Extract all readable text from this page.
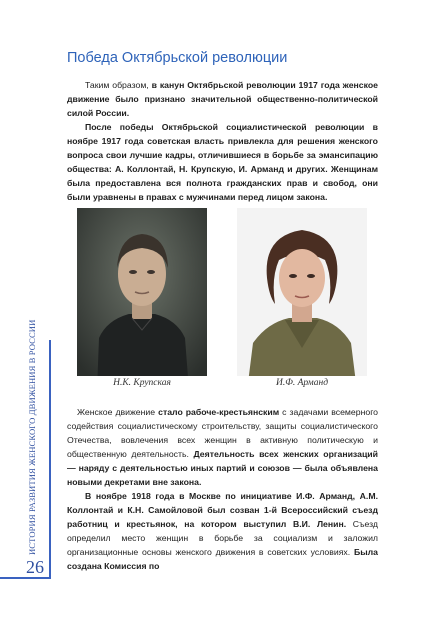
ИСТОРИЯ РАЗВИТИЯ ЖЕНСКОГО ДВИЖЕНИЯ В РОССИИ
26
Победа Октябрьской революции

Таким образом, в канун Октябрьской революции 1917 года женское движение было признано значительной общественно-политической силой России.

После победы Октябрьской социалистической революции в ноябре 1917 года советская власть привлекла для решения женского вопроса свои лучшие кадры, отличившиеся в борьбе за эмансипацию общества: А. Коллонтай, Н. Крупскую, И. Арманд и других. Женщинам была предоставлена вся полнота гражданских прав и свобод, они были уравнены в правах с мужчинами перед лицом закона.

Н.К. Крупская	И.Ф. Арманд

Женское движение стало рабоче-крестьянским с задачами всемерного содействия социалистическому строительству, защиты социалистического Отечества, вовлечения всех женщин в активную политическую и общественную деятельность. Деятельность всех женских организаций — наряду с деятельностью иных партий и союзов — была объявлена новыми декретами вне закона.

В ноябре 1918 года в Москве по инициативе И.Ф. Арманд, А.М. Коллонтай и К.Н. Самойловой был созван 1-й Всероссийский съезд работниц и крестьянок, на котором выступил В.И. Ленин. Съезд определил место женщин в борьбе за социализм и заложил организационные основы женского движения в советских условиях. Была создана Комиссия по
